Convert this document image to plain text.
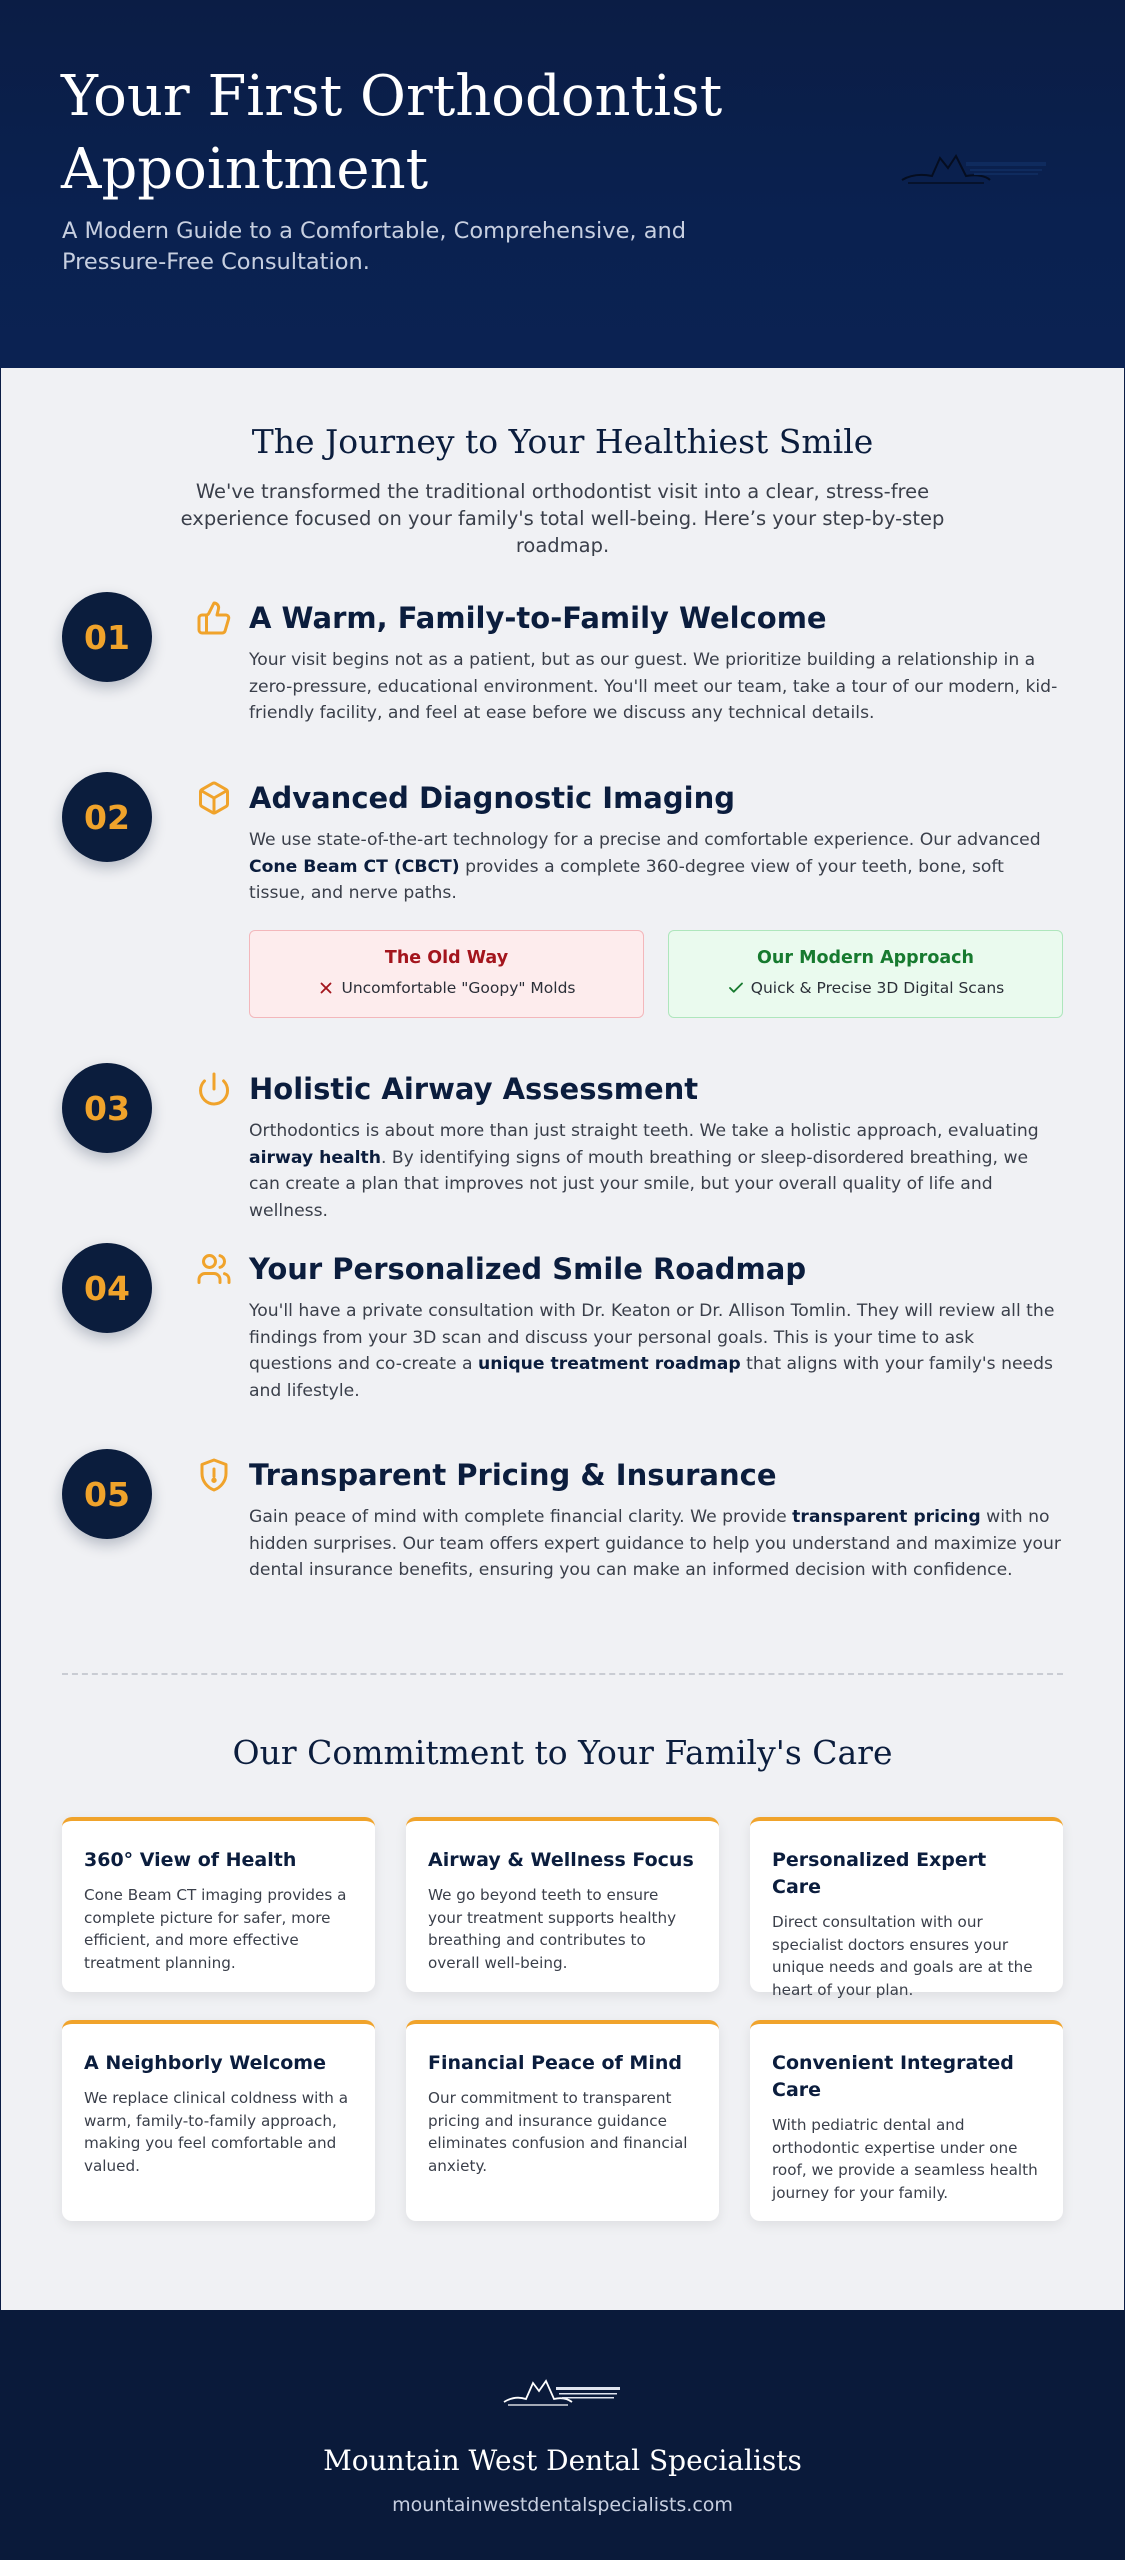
Your First Orthodontist Appointment

A Modern Guide to a Comfortable, Comprehensive, and Pressure-Free Consultation.

The Journey to Your Healthiest Smile

We've transformed the traditional orthodontist visit into a clear, stress-free experience focused on your family's total well-being. Here’s your step-by-step roadmap.

01	A Warm, Family-to-Family Welcome

Your visit begins not as a patient, but as our guest. We prioritize building a relationship in a zero-pressure, educational environment. You'll meet our team, take a tour of our modern, kid-friendly facility, and feel at ease before we discuss any technical details.

02	Advanced Diagnostic Imaging

We use state-of-the-art technology for a precise and comfortable experience. Our advanced Cone Beam CT (CBCT) provides a complete 360-degree view of your teeth, bone, soft tissue, and nerve paths.

The Old Way
Uncomfortable "Goopy" Molds
Our Modern Approach
Quick & Precise 3D Digital Scans
03	Holistic Airway Assessment

Orthodontics is about more than just straight teeth. We take a holistic approach, evaluating airway health. By identifying signs of mouth breathing or sleep-disordered breathing, we can create a plan that improves not just your smile, but your overall quality of life and wellness.

04	Your Personalized Smile Roadmap

You'll have a private consultation with Dr. Keaton or Dr. Allison Tomlin. They will review all the findings from your 3D scan and discuss your personal goals. This is your time to ask questions and co-create a unique treatment roadmap that aligns with your family's needs and lifestyle.

05	Transparent Pricing & Insurance

Gain peace of mind with complete financial clarity. We provide transparent pricing with no hidden surprises. Our team offers expert guidance to help you understand and maximize your dental insurance benefits, ensuring you can make an informed decision with confidence.

Our Commitment to Your Family's Care
360° View of Health

Cone Beam CT imaging provides a complete picture for safer, more efficient, and more effective treatment planning.

Airway & Wellness Focus

We go beyond teeth to ensure your treatment supports healthy breathing and contributes to overall well-being.

Personalized Expert Care

Direct consultation with our specialist doctors ensures your unique needs and goals are at the heart of your plan.

A Neighborly Welcome

We replace clinical coldness with a warm, family-to-family approach, making you feel comfortable and valued.

Financial Peace of Mind

Our commitment to transparent pricing and insurance guidance eliminates confusion and financial anxiety.

Convenient Integrated Care

With pediatric dental and orthodontic expertise under one roof, we provide a seamless health journey for your family.

Mountain West Dental Specialists
mountainwestdentalspecialists.com
